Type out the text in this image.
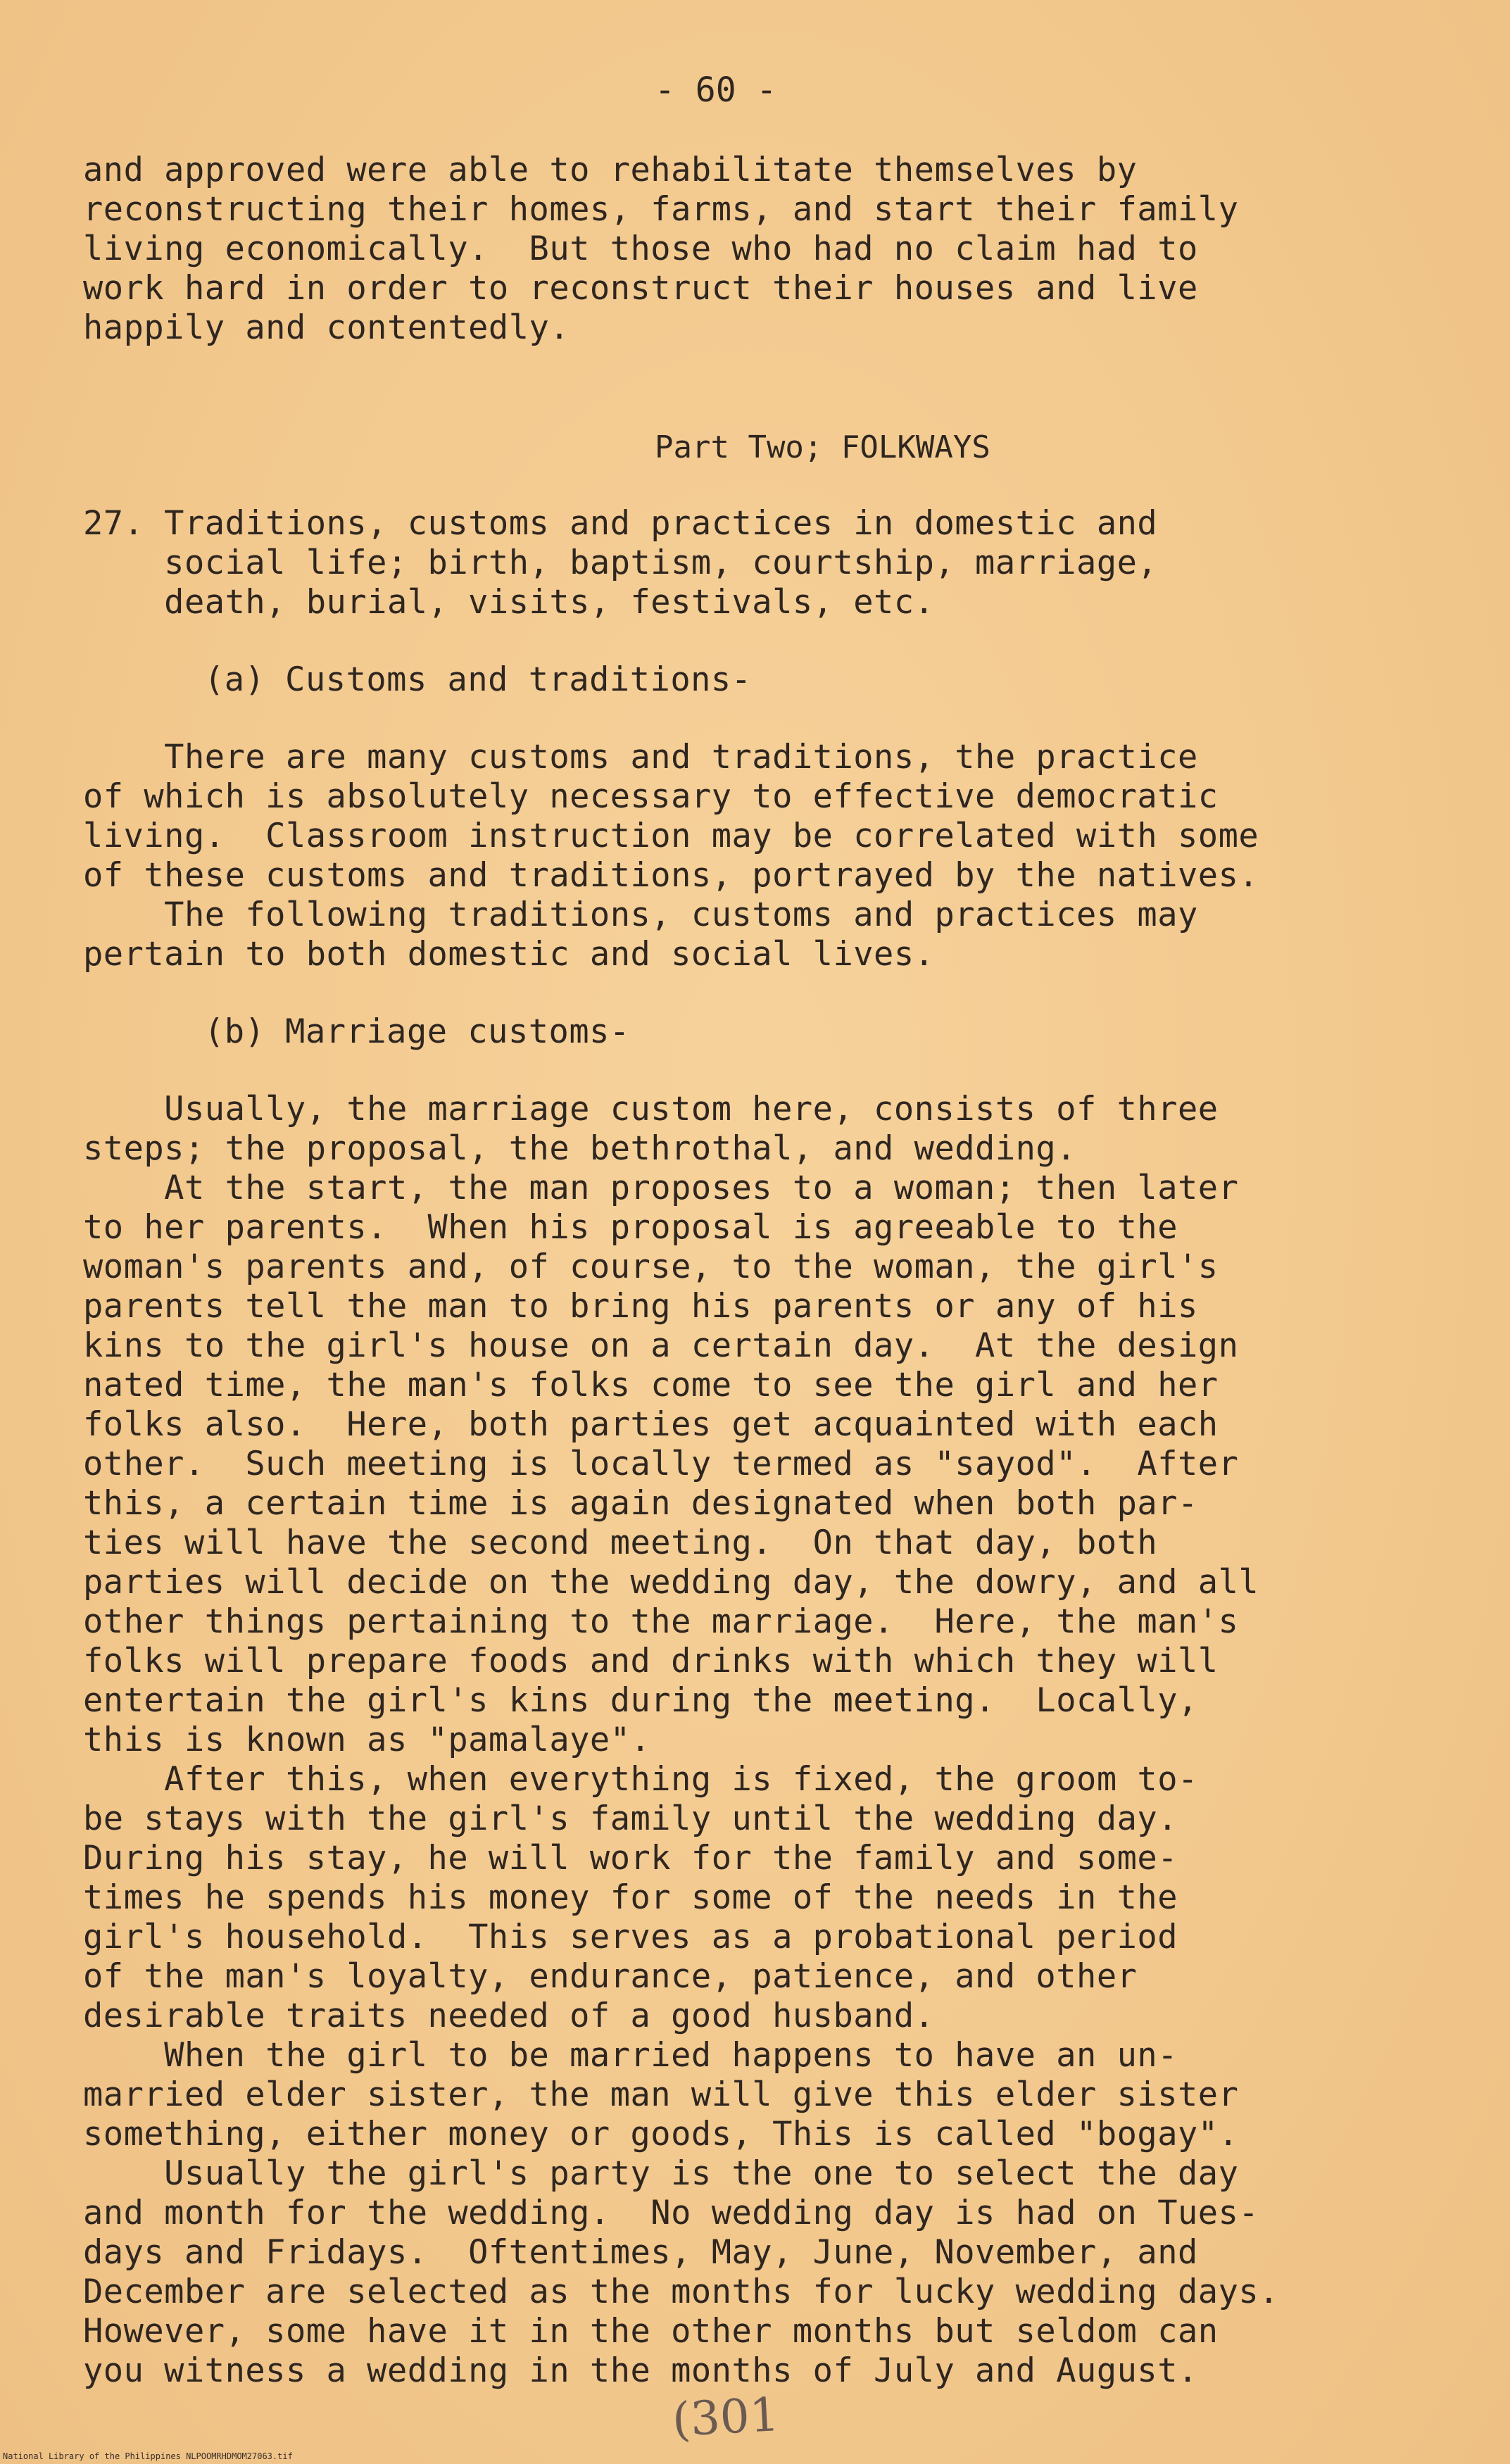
- 60 -
and approved were able to rehabilitate themselves by
reconstructing their homes, farms, and start their family
living economically.  But those who had no claim had to
work hard in order to reconstruct their houses and live
happily and contentedly.
Part Two; FOLKWAYS
27. Traditions, customs and practices in domestic and
social life; birth, baptism, courtship, marriage,
death, burial, visits, festivals, etc.
(a) Customs and traditions-
There are many customs and traditions, the practice
of which is absolutely necessary to effective democratic
living.  Classroom instruction may be correlated with some
of these customs and traditions, portrayed by the natives.
The following traditions, customs and practices may
pertain to both domestic and social lives.
(b) Marriage customs-
Usually, the marriage custom here, consists of three
steps; the proposal, the bethrothal, and wedding.
At the start, the man proposes to a woman; then later
to her parents.  When his proposal is agreeable to the
woman's parents and, of course, to the woman, the girl's
parents tell the man to bring his parents or any of his
kins to the girl's house on a certain day.  At the design
nated time, the man's folks come to see the girl and her
folks also.  Here, both parties get acquainted with each
other.  Such meeting is locally termed as "sayod".  After
this, a certain time is again designated when both par-
ties will have the second meeting.  On that day, both
parties will decide on the wedding day, the dowry, and all
other things pertaining to the marriage.  Here, the man's
folks will prepare foods and drinks with which they will
entertain the girl's kins during the meeting.  Locally,
this is known as "pamalaye".
After this, when everything is fixed, the groom to-
be stays with the girl's family until the wedding day.
During his stay, he will work for the family and some-
times he spends his money for some of the needs in the
girl's household.  This serves as a probational period
of the man's loyalty, endurance, patience, and other
desirable traits needed of a good husband.
When the girl to be married happens to have an un-
married elder sister, the man will give this elder sister
something, either money or goods, This is called "bogay".
Usually the girl's party is the one to select the day
and month for the wedding.  No wedding day is had on Tues-
days and Fridays.  Oftentimes, May, June, November, and
December are selected as the months for lucky wedding days.
However, some have it in the other months but seldom can
you witness a wedding in the months of July and August.
(301
National Library of the Philippines NLPOOMRHDMOM27063.tif
